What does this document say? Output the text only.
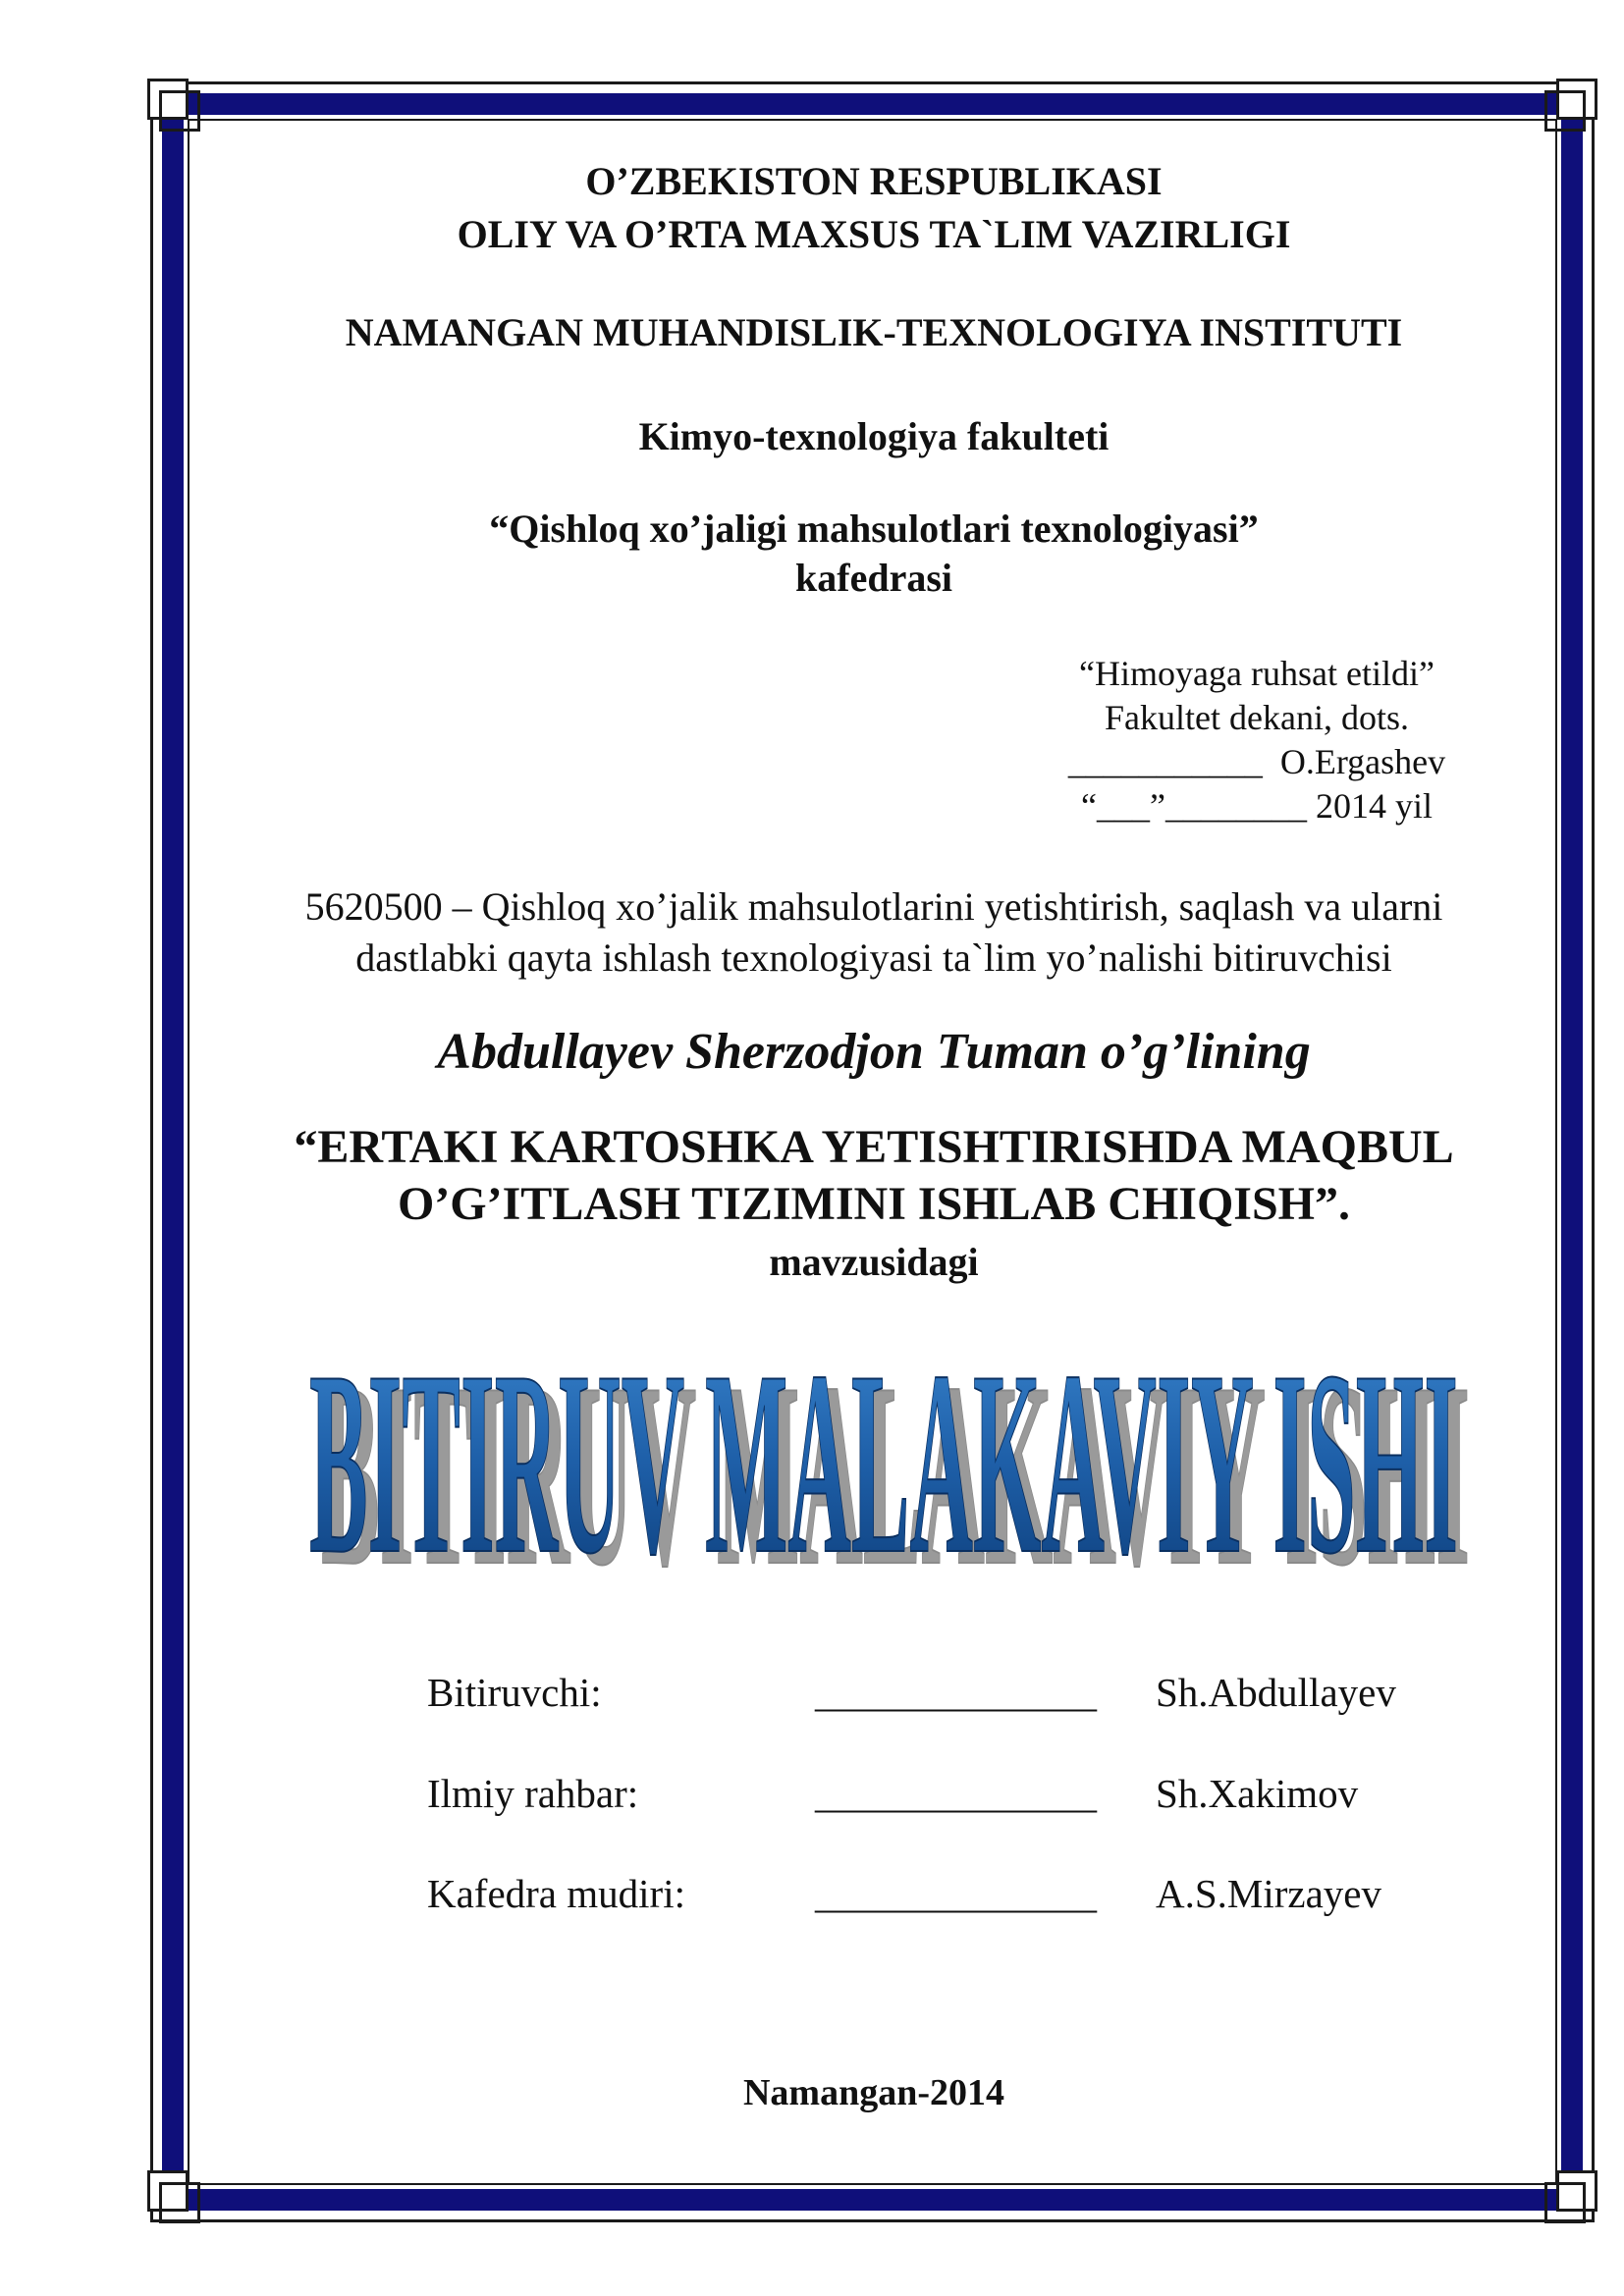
O’ZBEKISTON RESPUBLIKASI
OLIY VA O’RTA MAXSUS TA`LIM VAZIRLIGI
NAMANGAN MUHANDISLIK-TEXNOLOGIYA INSTITUTI
Kimyo-texnologiya fakulteti
“Qishloq xo’jaligi mahsulotlari texnologiyasi”
kafedrasi
“Himoyaga ruhsat etildi”
Fakultet dekani, dots.
___________  O.Ergashev
“___”________ 2014 yil
5620500 – Qishloq xo’jalik mahsulotlarini yetishtirish, saqlash va ularni
dastlabki qayta ishlash texnologiyasi ta`lim yo’nalishi bitiruvchisi
Abdullayev Sherzodjon Tuman o’g’lining
“ERTAKI KARTOSHKA YETISHTIRISHDA MAQBUL
O’G’ITLASH TIZIMINI ISHLAB CHIQISH”.
mavzusidagi
BITIRUV MALAKAVIY ISHI
BITIRUV MALAKAVIY ISHI
Bitiruvchi:	______________ Sh.Abdullayev
Ilmiy rahbar:	______________ Sh.Xakimov
Kafedra mudiri:	______________ A.S.Mirzayev
Namangan-2014
